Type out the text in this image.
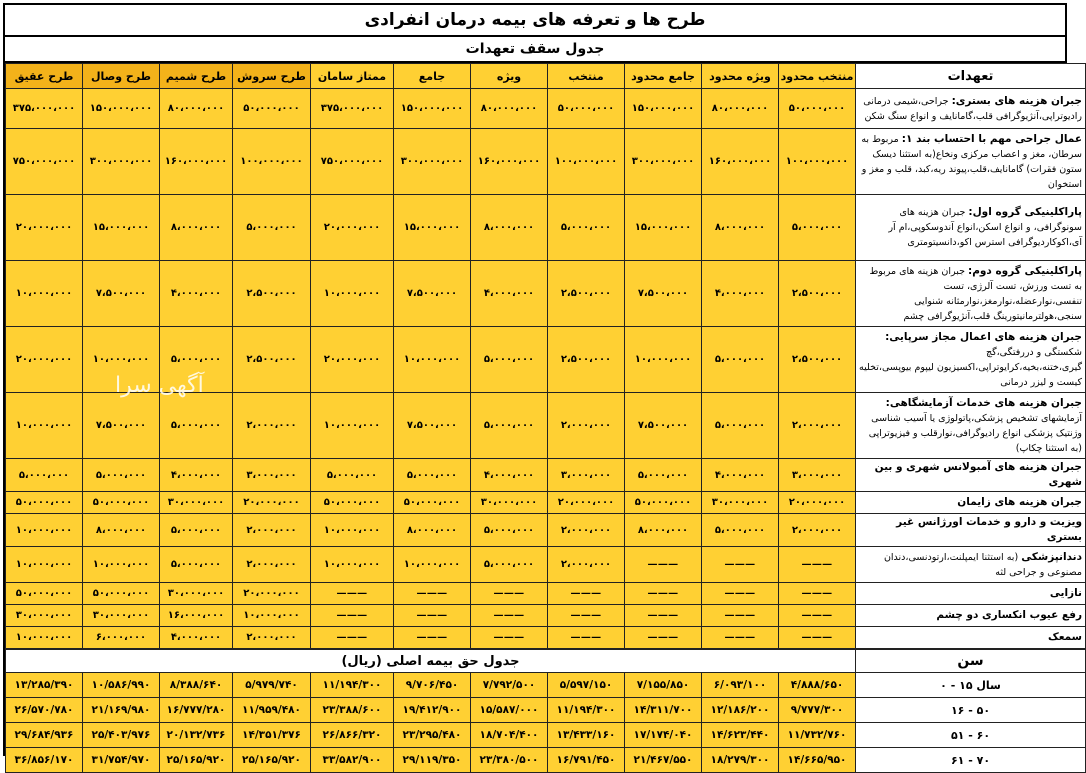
طرح ها و تعرفه های بیمه درمان انفرادی
جدول سقف تعهدات
تعهدات	منتخب محدود	ویژه محدود	جامع محدود	منتخب	ویژه	جامع	ممتاز سامان	طرح سروش	طرح شمیم	طرح وصال	طرح عقیق
جبران هزینه های بستری: جراحی،شیمی درمانی رادیوتراپی،آنژیوگرافی قلب،گامانایف و انواع سنگ شکن	۵۰،۰۰۰،۰۰۰	۸۰،۰۰۰،۰۰۰	۱۵۰،۰۰۰،۰۰۰	۵۰،۰۰۰،۰۰۰	۸۰،۰۰۰،۰۰۰	۱۵۰،۰۰۰،۰۰۰	۳۷۵،۰۰۰،۰۰۰	۵۰،۰۰۰،۰۰۰	۸۰،۰۰۰،۰۰۰	۱۵۰،۰۰۰،۰۰۰	۳۷۵،۰۰۰،۰۰۰
عمال جراحی مهم با احتساب بند ۱: مربوط به سرطان، مغز و اعصاب مرکزی ونخاع(به استثنا دیسک ستون فقرات) گامانایف،قلب،پیوند ریه،کبد، قلب و مغز و استخوان	۱۰۰،۰۰۰،۰۰۰	۱۶۰،۰۰۰،۰۰۰	۳۰۰،۰۰۰،۰۰۰	۱۰۰،۰۰۰،۰۰۰	۱۶۰،۰۰۰،۰۰۰	۳۰۰،۰۰۰،۰۰۰	۷۵۰،۰۰۰،۰۰۰	۱۰۰،۰۰۰،۰۰۰	۱۶۰،۰۰۰،۰۰۰	۳۰۰،۰۰۰،۰۰۰	۷۵۰،۰۰۰،۰۰۰
پاراکلینیکی گروه اول: جبران هزینه های سونوگرافی، و انواع اسکن،انواع آندوسکوپی،ام آر آی،اکوکاردیوگرافی استرس اکو،دانسیتومتری	۵،۰۰۰،۰۰۰	۸،۰۰۰،۰۰۰	۱۵،۰۰۰،۰۰۰	۵،۰۰۰،۰۰۰	۸،۰۰۰،۰۰۰	۱۵،۰۰۰،۰۰۰	۲۰،۰۰۰،۰۰۰	۵،۰۰۰،۰۰۰	۸،۰۰۰،۰۰۰	۱۵،۰۰۰،۰۰۰	۲۰،۰۰۰،۰۰۰
پاراکلینیکی گروه دوم: جبران هزینه های مربوط به تست ورزش، تست آلرژی، تست تنفسی،نوارعضله،نوارمغز،نوارمثانه شنوایی سنجی،هولترمانیتورینگ قلب،آنژیوگرافی چشم	۲،۵۰۰،۰۰۰	۴،۰۰۰،۰۰۰	۷،۵۰۰،۰۰۰	۲،۵۰۰،۰۰۰	۴،۰۰۰،۰۰۰	۷،۵۰۰،۰۰۰	۱۰،۰۰۰،۰۰۰	۲،۵۰۰،۰۰۰	۴،۰۰۰،۰۰۰	۷،۵۰۰،۰۰۰	۱۰،۰۰۰،۰۰۰
جبران هزینه های اعمال مجاز سرپایی: شکستگی و دررفتگی،گچ گیری،ختنه،بخیه،کرایوتراپی،اکسیزیون لیپوم بیوپسی،تخلیه کیست و لیزر درمانی	۲،۵۰۰،۰۰۰	۵،۰۰۰،۰۰۰	۱۰،۰۰۰،۰۰۰	۲،۵۰۰،۰۰۰	۵،۰۰۰،۰۰۰	۱۰،۰۰۰،۰۰۰	۲۰،۰۰۰،۰۰۰	۲،۵۰۰،۰۰۰	۵،۰۰۰،۰۰۰	۱۰،۰۰۰،۰۰۰	۲۰،۰۰۰،۰۰۰
جبران هزینه های خدمات آزمایشگاهی: آزمایشهای تشخیص پزشکی،پاتولوژی یا آسیب شناسی وژنتیک پزشکی انواع رادیوگرافی،نوارقلب و فیزیوتراپی (به استثنا چکاپ)	۲،۰۰۰،۰۰۰	۵،۰۰۰،۰۰۰	۷،۵۰۰،۰۰۰	۲،۰۰۰،۰۰۰	۵،۰۰۰،۰۰۰	۷،۵۰۰،۰۰۰	۱۰،۰۰۰،۰۰۰	۲،۰۰۰،۰۰۰	۵،۰۰۰،۰۰۰	۷،۵۰۰،۰۰۰	۱۰،۰۰۰،۰۰۰
جبران هزینه های آمبولانس شهری و بین شهری	۳،۰۰۰،۰۰۰	۴،۰۰۰،۰۰۰	۵،۰۰۰،۰۰۰	۳،۰۰۰،۰۰۰	۴،۰۰۰،۰۰۰	۵،۰۰۰،۰۰۰	۵،۰۰۰،۰۰۰	۳،۰۰۰،۰۰۰	۴،۰۰۰،۰۰۰	۵،۰۰۰،۰۰۰	۵،۰۰۰،۰۰۰
جبران هزینه های زایمان	۲۰،۰۰۰،۰۰۰	۳۰،۰۰۰،۰۰۰	۵۰،۰۰۰،۰۰۰	۲۰،۰۰۰،۰۰۰	۳۰،۰۰۰،۰۰۰	۵۰،۰۰۰،۰۰۰	۵۰،۰۰۰،۰۰۰	۲۰،۰۰۰،۰۰۰	۳۰،۰۰۰،۰۰۰	۵۰،۰۰۰،۰۰۰	۵۰،۰۰۰،۰۰۰
ویزیت و دارو و خدمات اورژانس غیر بستری	۲،۰۰۰،۰۰۰	۵،۰۰۰،۰۰۰	۸،۰۰۰،۰۰۰	۲،۰۰۰،۰۰۰	۵،۰۰۰،۰۰۰	۸،۰۰۰،۰۰۰	۱۰،۰۰۰،۰۰۰	۲،۰۰۰،۰۰۰	۵،۰۰۰،۰۰۰	۸،۰۰۰،۰۰۰	۱۰،۰۰۰،۰۰۰
دندانپزشکی (به استثنا ایمپلنت،ارتودنسی،دندان مصنوعی و جراحی لثه	———	———	———	۲،۰۰۰،۰۰۰	۵،۰۰۰،۰۰۰	۱۰،۰۰۰،۰۰۰	۱۰،۰۰۰،۰۰۰	۲،۰۰۰،۰۰۰	۵،۰۰۰،۰۰۰	۱۰،۰۰۰،۰۰۰	۱۰،۰۰۰،۰۰۰
نازایی	———	———	———	———	———	———	———	۲۰،۰۰۰،۰۰۰	۳۰،۰۰۰،۰۰۰	۵۰،۰۰۰،۰۰۰	۵۰،۰۰۰،۰۰۰
رفع عیوب انکساری دو چشم	———	———	———	———	———	———	———	۱۰،۰۰۰،۰۰۰	۱۶،۰۰۰،۰۰۰	۳۰،۰۰۰،۰۰۰	۳۰،۰۰۰،۰۰۰
سمعک	———	———	———	———	———	———	———	۲،۰۰۰،۰۰۰	۴،۰۰۰،۰۰۰	۶،۰۰۰،۰۰۰	۱۰،۰۰۰،۰۰۰
سن	جدول حق بیمه اصلی (ریال)										
سال ۱۵ - ۰	۴/۸۸۸/۶۵۰	۶/۰۹۳/۱۰۰	۷/۱۵۵/۸۵۰	۵/۵۹۷/۱۵۰	۷/۷۹۲/۵۰۰	۹/۷۰۶/۴۵۰	۱۱/۱۹۴/۳۰۰	۵/۹۷۹/۷۴۰	۸/۳۸۸/۶۴۰	۱۰/۵۸۶/۹۹۰	۱۳/۲۸۵/۳۹۰
۵۰ - ۱۶	۹/۷۷۷/۳۰۰	۱۲/۱۸۶/۲۰۰	۱۴/۳۱۱/۷۰۰	۱۱/۱۹۴/۳۰۰	۱۵/۵۸۷/۰۰۰	۱۹/۴۱۲/۹۰۰	۲۳/۳۸۸/۶۰۰	۱۱/۹۵۹/۴۸۰	۱۶/۷۷۷/۲۸۰	۲۱/۱۶۹/۹۸۰	۲۶/۵۷۰/۷۸۰
۶۰ - ۵۱	۱۱/۷۳۲/۷۶۰	۱۴/۶۲۳/۴۴۰	۱۷/۱۷۴/۰۴۰	۱۳/۴۳۳/۱۶۰	۱۸/۷۰۴/۴۰۰	۲۳/۲۹۵/۴۸۰	۲۶/۸۶۶/۳۲۰	۱۴/۳۵۱/۳۷۶	۲۰/۱۳۲/۷۳۶	۲۵/۴۰۳/۹۷۶	۲۹/۶۸۴/۹۳۶
۷۰ - ۶۱	۱۴/۶۶۵/۹۵۰	۱۸/۲۷۹/۳۰۰	۲۱/۴۶۷/۵۵۰	۱۶/۷۹۱/۴۵۰	۲۳/۳۸۰/۵۰۰	۲۹/۱۱۹/۳۵۰	۳۳/۵۸۲/۹۰۰	۲۵/۱۶۵/۹۲۰	۲۵/۱۶۵/۹۲۰	۳۱/۷۵۴/۹۷۰	۳۶/۸۵۶/۱۷۰
آگهی سرا
